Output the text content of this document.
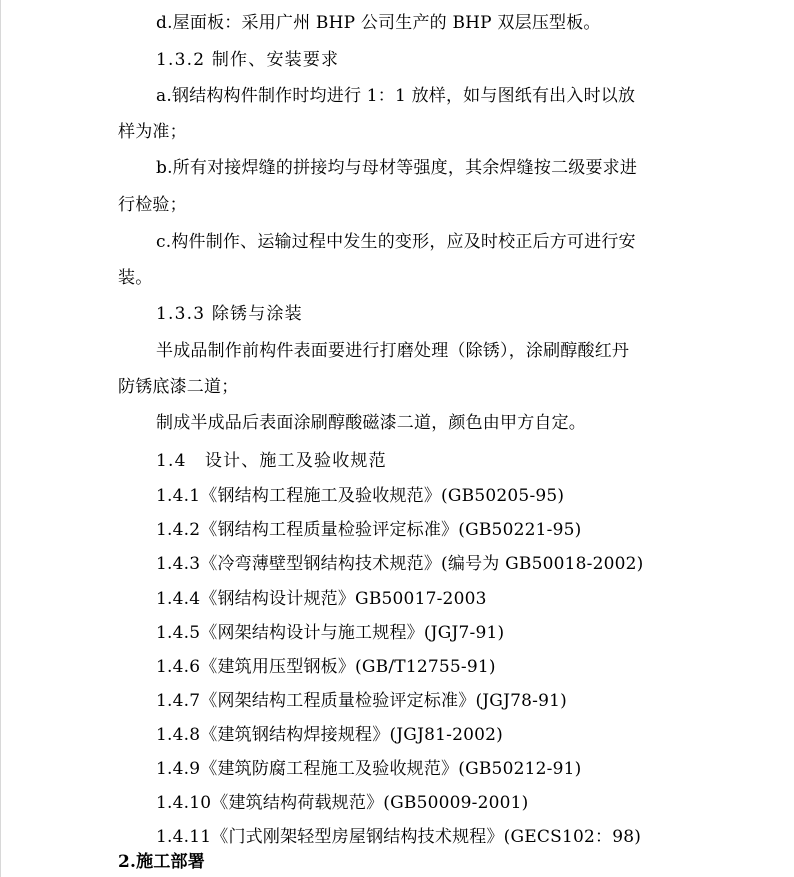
d.屋面板：采用广州 BHP 公司生产的 BHP 双层压型板。
1.3.2 制作、安装要求
a.钢结构构件制作时均进行 1：1 放样，如与图纸有出入时以放
样为准；
b.所有对接焊缝的拼接均与母材等强度，其余焊缝按二级要求进
行检验；
c.构件制作、运输过程中发生的变形，应及时校正后方可进行安
装。
1.3.3 除锈与涂装
半成品制作前构件表面要进行打磨处理（除锈），涂刷醇酸红丹
防锈底漆二道；
制成半成品后表面涂刷醇酸磁漆二道，颜色由甲方自定。
1.4　设计、施工及验收规范
1.4.1《钢结构工程施工及验收规范》(GB50205-95)
1.4.2《钢结构工程质量检验评定标准》(GB50221-95)
1.4.3《冷弯薄壁型钢结构技术规范》(编号为 GB50018-2002)
1.4.4《钢结构设计规范》GB50017-2003
1.4.5《网架结构设计与施工规程》(JGJ7-91)
1.4.6《建筑用压型钢板》(GB/T12755-91)
1.4.7《网架结构工程质量检验评定标准》(JGJ78-91)
1.4.8《建筑钢结构焊接规程》(JGJ81-2002)
1.4.9《建筑防腐工程施工及验收规范》(GB50212-91)
1.4.10《建筑结构荷载规范》(GB50009-2001)
1.4.11《门式刚架轻型房屋钢结构技术规程》(GECS102：98)
2.施工部署
